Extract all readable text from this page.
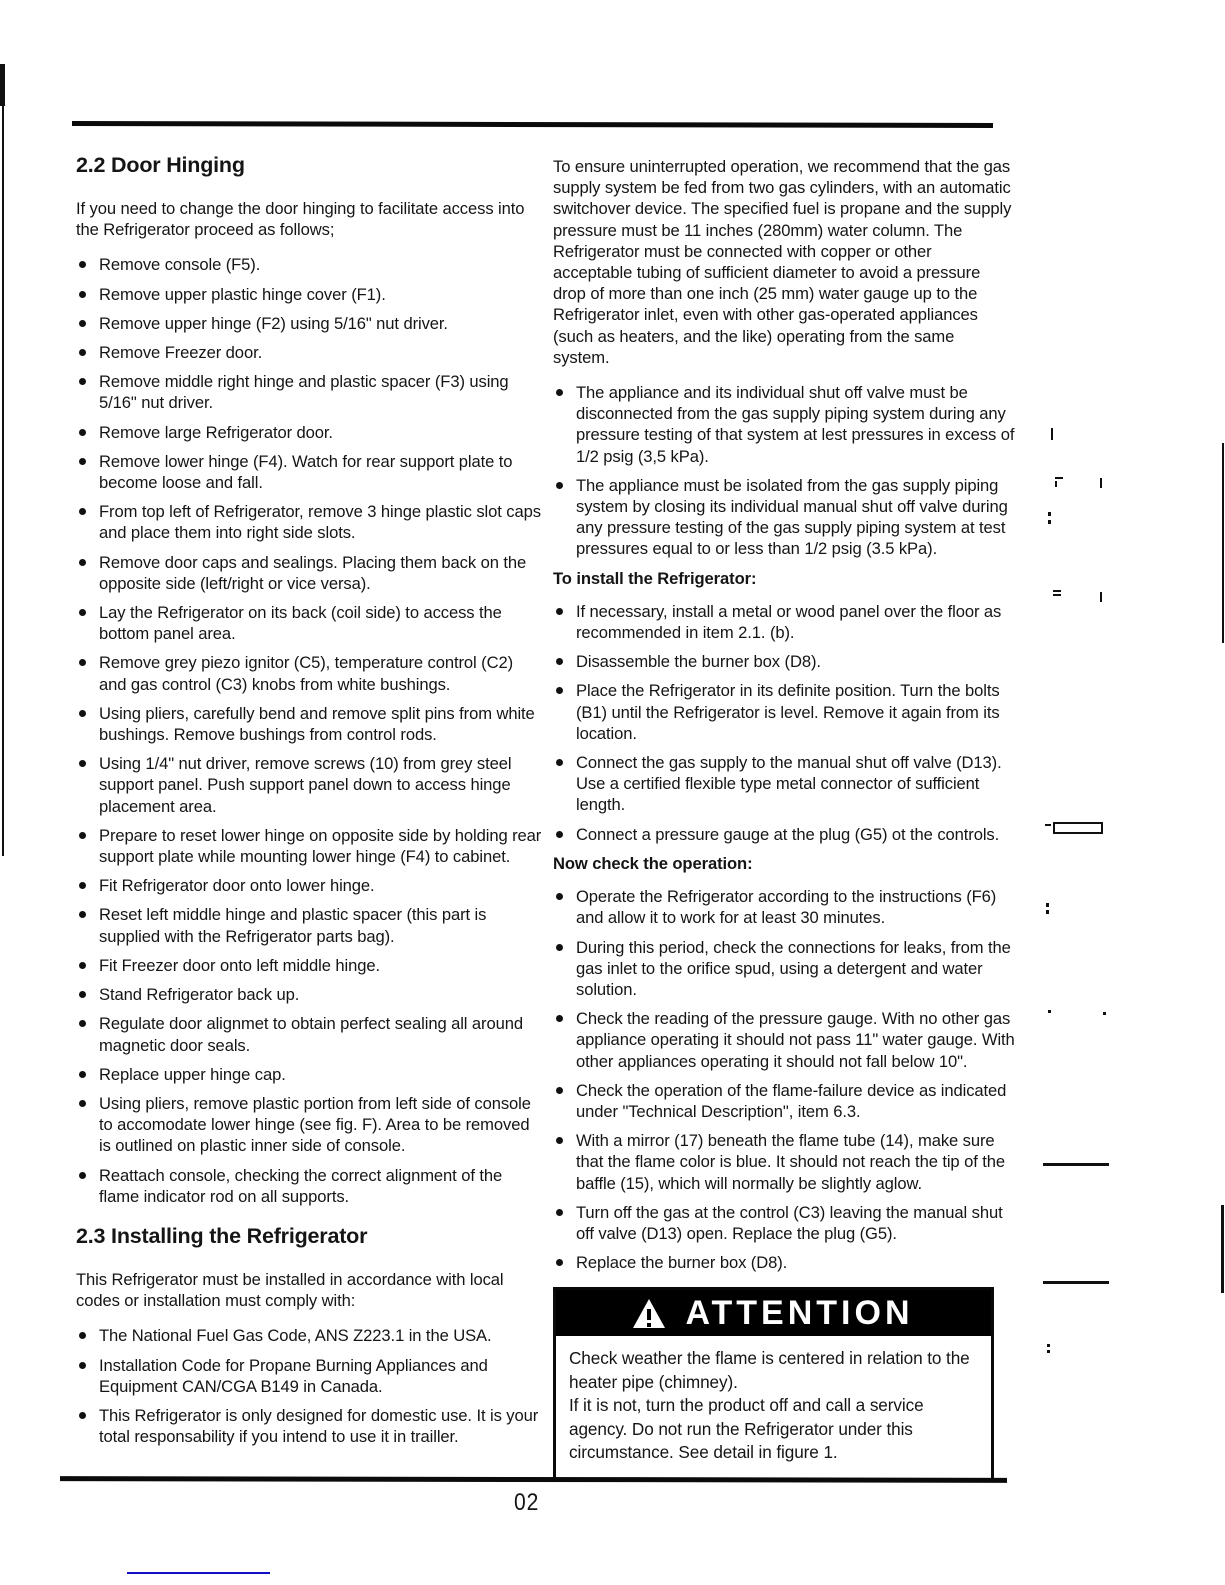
2.2 Door Hinging

If you need to change the door hinging to facilitate access into the Refrigerator proceed as follows;

Remove console (F5).
Remove upper plastic hinge cover (F1).
Remove upper hinge (F2) using 5/16" nut driver.
Remove Freezer door.
Remove middle right hinge and plastic spacer (F3) using 5/16" nut driver.
Remove large Refrigerator door.
Remove lower hinge (F4). Watch for rear support plate to become loose and fall.
From top left of Refrigerator, remove 3 hinge plastic slot caps and place them into right side slots.
Remove door caps and sealings. Placing them back on the opposite side (left/right or vice versa).
Lay the Refrigerator on its back (coil side) to access the bottom panel area.
Remove grey piezo ignitor (C5), temperature control (C2) and gas control (C3) knobs from white bushings.
Using pliers, carefully bend and remove split pins from white bushings. Remove bushings from control rods.
Using 1/4" nut driver, remove screws (10) from grey steel support panel. Push support panel down to access hinge placement area.
Prepare to reset lower hinge on opposite side by holding rear support plate while mounting lower hinge (F4) to cabinet.
Fit Refrigerator door onto lower hinge.
Reset left middle hinge and plastic spacer (this part is supplied with the Refrigerator parts bag).
Fit Freezer door onto left middle hinge.
Stand Refrigerator back up.
Regulate door alignmet to obtain perfect sealing all around magnetic door seals.
Replace upper hinge cap.
Using pliers, remove plastic portion from left side of console to accomodate lower hinge (see fig. F). Area to be removed is outlined on plastic inner side of console.
Reattach console, checking the correct alignment of the flame indicator rod on all supports.
2.3 Installing the Refrigerator

This Refrigerator must be installed in accordance with local codes or installation must comply with:

The National Fuel Gas Code, ANS Z223.1 in the USA.
Installation Code for Propane Burning Appliances and Equipment CAN/CGA B149 in Canada.
This Refrigerator is only designed for domestic use. It is your total responsability if you intend to use it in trailler.

To ensure uninterrupted operation, we recommend that the gas supply system be fed from two gas cylinders, with an automatic switchover device. The specified fuel is propane and the supply pressure must be 11 inches (280mm) water column. The Refrigerator must be connected with copper or other acceptable tubing of sufficient diameter to avoid a pressure drop of more than one inch (25 mm) water gauge up to the Refrigerator inlet, even with other gas-operated appliances (such as heaters, and the like) operating from the same system.

The appliance and its individual shut off valve must be disconnected from the gas supply piping system during any pressure testing of that system at lest pressures in excess of 1/2 psig (3,5 kPa).
The appliance must be isolated from the gas supply piping system by closing its individual manual shut off valve during any pressure testing of the gas supply piping system at test pressures equal to or less than 1/2 psig (3.5 kPa).

To install the Refrigerator:

If necessary, install a metal or wood panel over the floor as recommended in item 2.1. (b).
Disassemble the burner box (D8).
Place the Refrigerator in its definite position. Turn the bolts (B1) until the Refrigerator is level. Remove it again from its location.
Connect the gas supply to the manual shut off valve (D13). Use a certified flexible type metal connector of sufficient length.
Connect a pressure gauge at the plug (G5) ot the controls.

Now check the operation:

Operate the Refrigerator according to the instructions (F6) and allow it to work for at least 30 minutes.
During this period, check the connections for leaks, from the gas inlet to the orifice spud, using a detergent and water solution.
Check the reading of the pressure gauge. With no other gas appliance operating it should not pass 11" water gauge. With other appliances operating it should not fall below 10".
Check the operation of the flame-failure device as indicated under "Technical Description", item 6.3.
With a mirror (17) beneath the flame tube (14), make sure that the flame color is blue. It should not reach the tip of the baffle (15), which will normally be slightly aglow.
Turn off the gas at the control (C3) leaving the manual shut off valve (D13) open. Replace the plug (G5).
Replace the burner box (D8).
ATTENTION

Check weather the flame is centered in relation to the heater pipe (chimney).

If it is not, turn the product off and call a service agency. Do not run the Refrigerator under this circumstance. See detail in figure 1.

02
